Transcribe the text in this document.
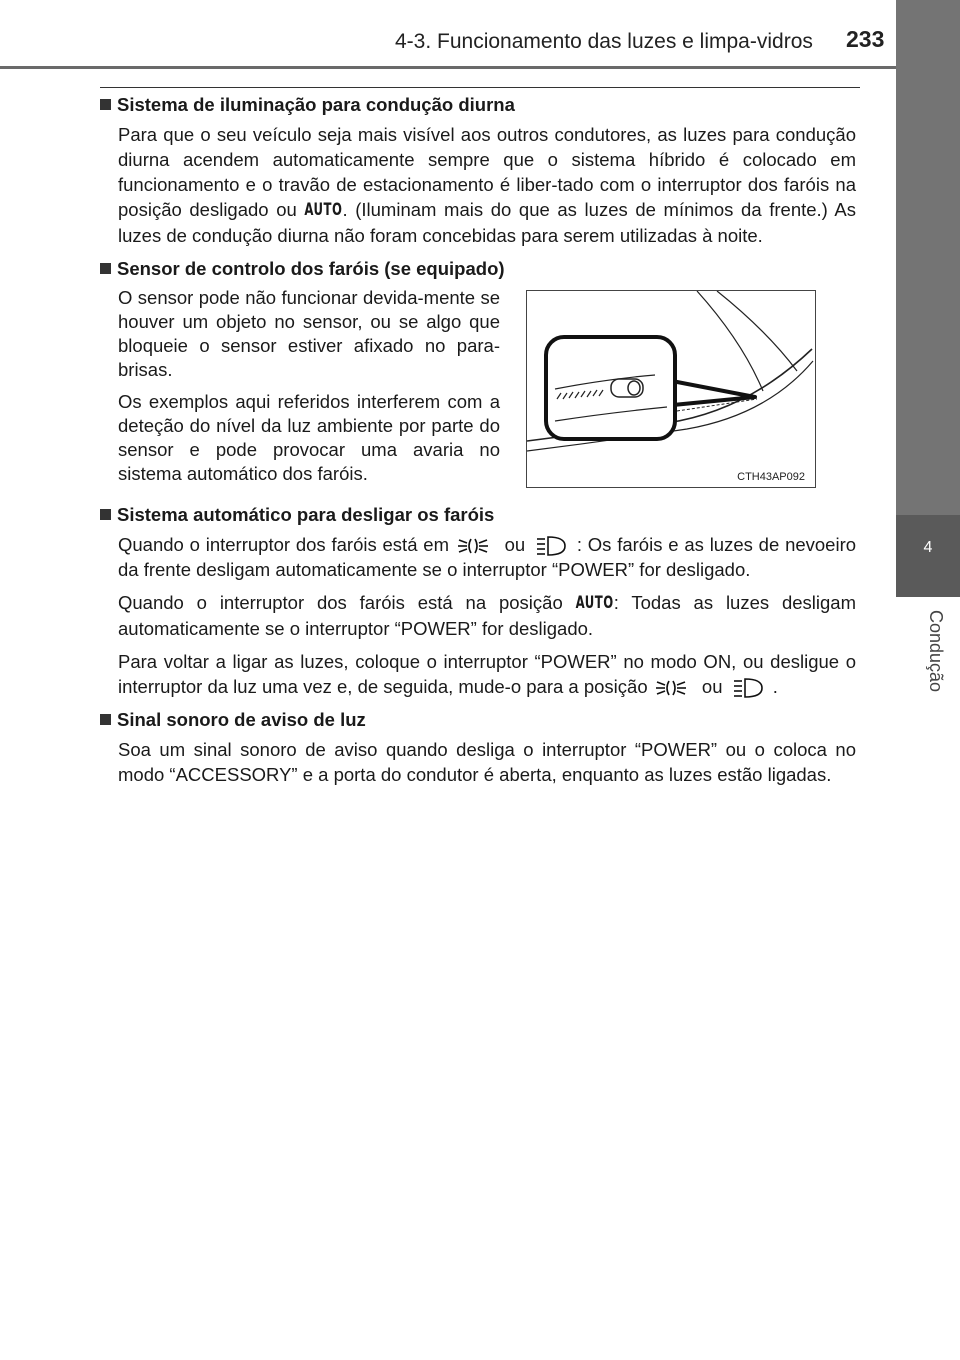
4-3. Funcionamento das luzes e limpa-vidros 233
4
Condução
Sistema de iluminação para condução diurna

Para que o seu veículo seja mais visível aos outros condutores, as luzes para condução diurna acendem automaticamente sempre que o sistema híbrido é colocado em funcionamento e o travão de estacionamento é liber-tado com o interruptor dos faróis na posição desligado ou AUTO. (Iluminam mais do que as luzes de mínimos da frente.) As luzes de condução diurna não foram concebidas para serem utilizadas à noite.

Sensor de controlo dos faróis (se equipado)

O sensor pode não funcionar devida-mente se houver um objeto no sensor, ou se algo que bloqueie o sensor estiver afixado no para-brisas.

Os exemplos aqui referidos interferem com a deteção do nível da luz ambiente por parte do sensor e pode provocar uma avaria no sistema automático dos faróis.	CTH43AP092
Sistema automático para desligar os faróis

Quando o interruptor dos faróis está em	ou	: Os faróis e as luzes de nevoeiro da frente desligam automaticamente se o interruptor “POWER” for desligado.

Quando o interruptor dos faróis está na posição AUTO: Todas as luzes desligam automaticamente se o interruptor “POWER” for desligado.

Para voltar a ligar as luzes, coloque o interruptor “POWER” no modo ON, ou desligue o interruptor da luz uma vez e, de seguida, mude-o para a posição	ou	.

Sinal sonoro de aviso de luz

Soa um sinal sonoro de aviso quando desliga o interruptor “POWER” ou o coloca no modo “ACCESSORY” e a porta do condutor é aberta, enquanto as luzes estão ligadas.
